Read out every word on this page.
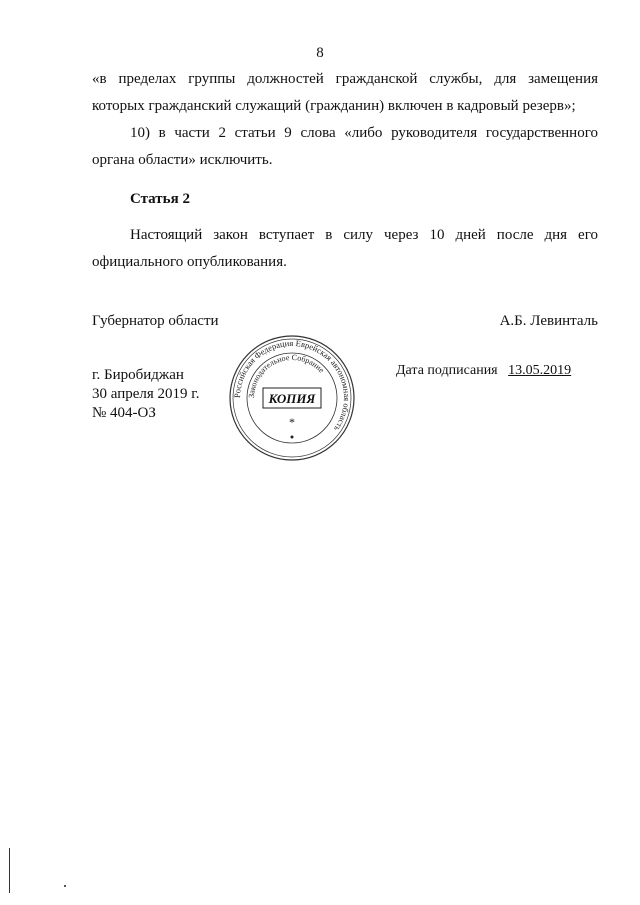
8

«в пределах группы должностей гражданской службы, для замещения
которых гражданский служащий (гражданин) включен в кадровый резерв»;

10) в части 2 статьи 9 слова «либо руководителя государственного
органа области» исключить.

Статья 2

Настоящий закон вступает в силу через 10 дней после дня его
официального опубликования.

Губернатор области	А.Б. Левинталь
г. Биробиджан
30 апреля 2019 г.
№ 404-ОЗ
Дата подписания 13.05.2019
Российская Федерация Еврейская автономная область
Законодательное Собрание
КОПИЯ
*
